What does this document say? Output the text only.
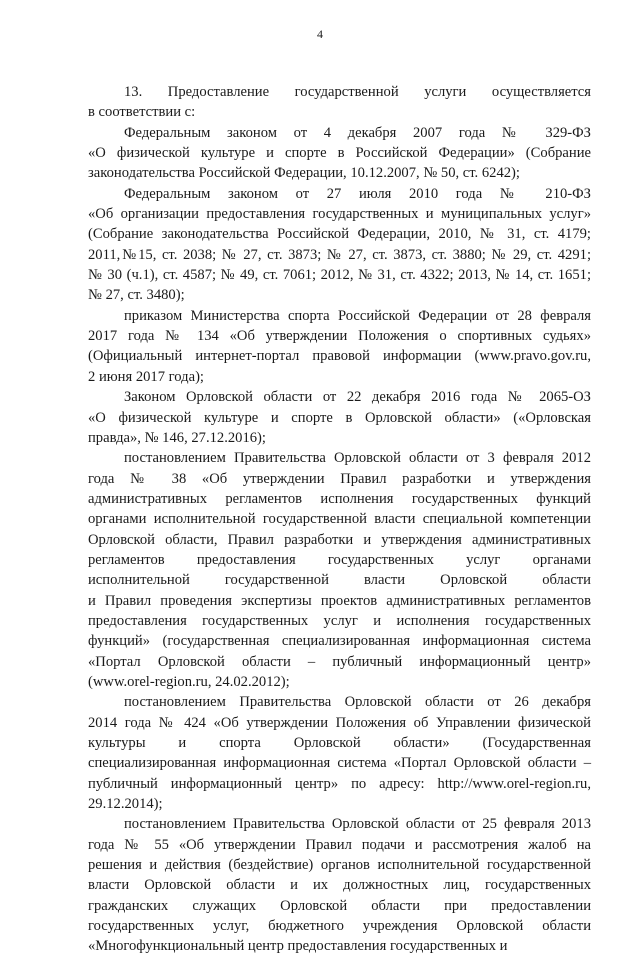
4
13. Предоставление государственной услуги осуществляется
в соответствии с:
Федеральным законом от 4 декабря 2007 года № 329-ФЗ
«О физической культуре и спорте в Российской Федерации» (Собрание
законодательства Российской Федерации, 10.12.2007, № 50, ст. 6242);
Федеральным законом от 27 июля 2010 года № 210-ФЗ
«Об организации предоставления государственных и муниципальных услуг»
(Собрание законодательства Российской Федерации, 2010, № 31, ст. 4179;
2011,№15, ст. 2038; № 27, ст. 3873; № 27, ст. 3873, ст. 3880; № 29, ст. 4291;
№ 30 (ч.1), ст. 4587; № 49, ст. 7061; 2012, № 31, ст. 4322; 2013, № 14, ст. 1651;
№ 27, ст. 3480);
приказом Министерства спорта Российской Федерации от 28 февраля
2017 года № 134 «Об утверждении Положения о спортивных судьях»
(Официальный интернет-портал правовой информации (www.pravo.gov.ru,
2 июня 2017 года);
Законом Орловской области от 22 декабря 2016 года № 2065-ОЗ
«О физической культуре и спорте в Орловской области» («Орловская
правда», № 146, 27.12.2016);
постановлением Правительства Орловской области от 3 февраля 2012
года № 38 «Об утверждении Правил разработки и утверждения
административных регламентов исполнения государственных функций
органами исполнительной государственной власти специальной компетенции
Орловской области, Правил разработки и утверждения административных
регламентов предоставления государственных услуг органами
исполнительной государственной власти Орловской области
и Правил проведения экспертизы проектов административных регламентов
предоставления государственных услуг и исполнения государственных
функций» (государственная специализированная информационная система
«Портал Орловской области – публичный информационный центр»
(www.orel-region.ru, 24.02.2012);
постановлением Правительства Орловской области от 26 декабря
2014 года № 424 «Об утверждении Положения об Управлении физической
культуры и спорта Орловской области» (Государственная
специализированная информационная система «Портал Орловской области –
публичный информационный центр» по адресу: http://www.orel-region.ru,
29.12.2014);
постановлением Правительства Орловской области от 25 февраля 2013
года № 55 «Об утверждении Правил подачи и рассмотрения жалоб на
решения и действия (бездействие) органов исполнительной государственной
власти Орловской области и их должностных лиц, государственных
гражданских служащих Орловской области при предоставлении
государственных услуг, бюджетного учреждения Орловской области
«Многофункциональный центр предоставления государственных и
